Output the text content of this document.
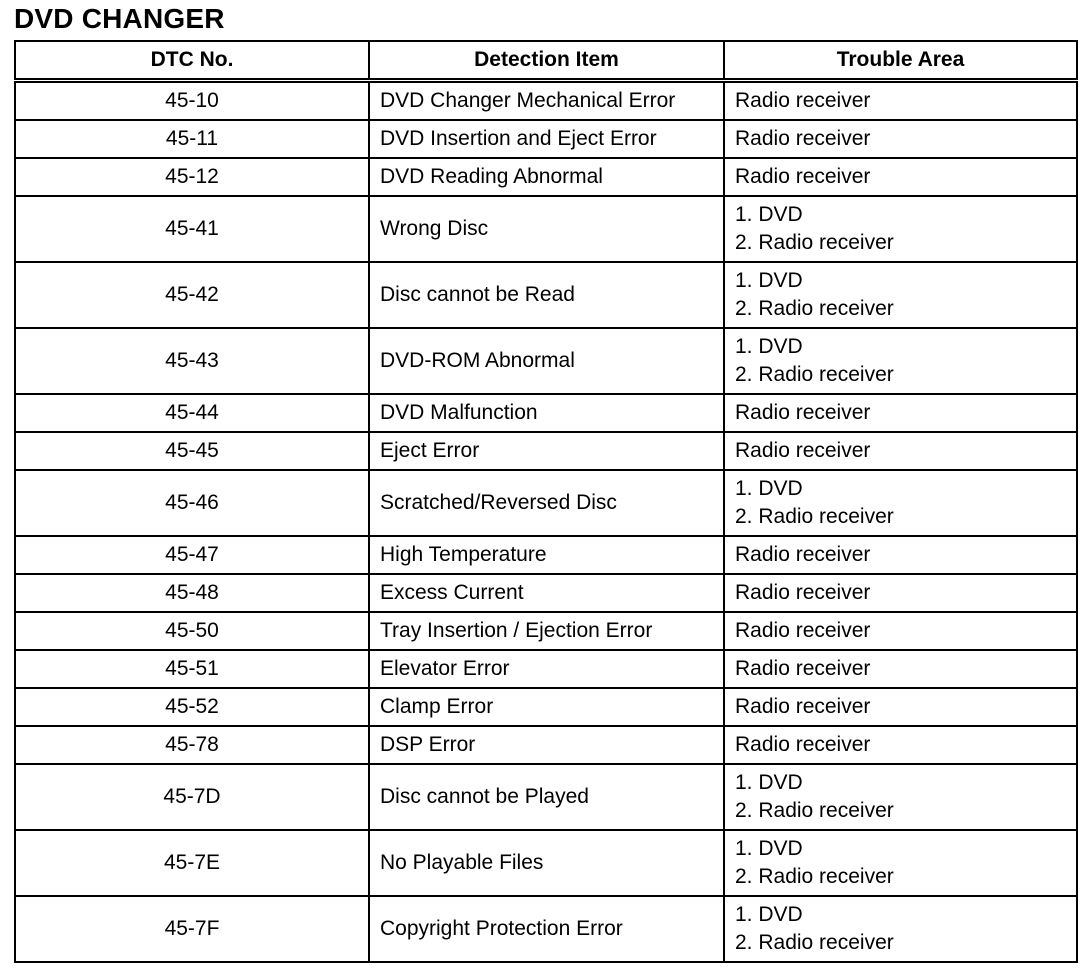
DVD CHANGER
DTC No.	Detection Item	Trouble Area
45-10	DVD Changer Mechanical Error	Radio receiver

45-11	DVD Insertion and Eject Error	Radio receiver

45-12	DVD Reading Abnormal	Radio receiver

45-41	Wrong Disc	1. DVD
2. Radio receiver

45-42	Disc cannot be Read	1. DVD
2. Radio receiver

45-43	DVD-ROM Abnormal	1. DVD
2. Radio receiver

45-44	DVD Malfunction	Radio receiver

45-45	Eject Error	Radio receiver

45-46	Scratched/Reversed Disc	1. DVD
2. Radio receiver

45-47	High Temperature	Radio receiver

45-48	Excess Current	Radio receiver

45-50	Tray Insertion / Ejection Error	Radio receiver

45-51	Elevator Error	Radio receiver

45-52	Clamp Error	Radio receiver

45-78	DSP Error	Radio receiver

45-7D	Disc cannot be Played	1. DVD
2. Radio receiver

45-7E	No Playable Files	1. DVD
2. Radio receiver

45-7F	Copyright Protection Error	1. DVD
2. Radio receiver
